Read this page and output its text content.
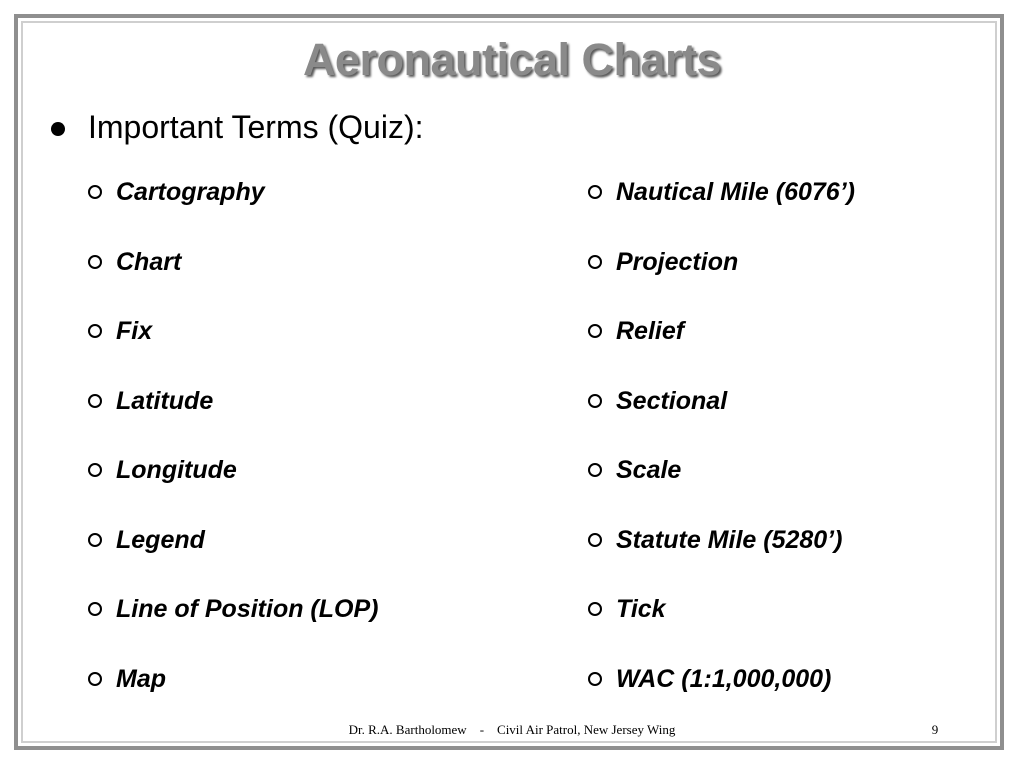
Aeronautical Charts
Important Terms (Quiz):
Cartography
Chart
Fix
Latitude
Longitude
Legend
Line of Position (LOP)
Map
Nautical Mile (6076’)
Projection
Relief
Sectional
Scale
Statute Mile (5280’)
Tick
WAC (1:1,000,000)
Dr. R.A. Bartholomew    -    Civil Air Patrol, New Jersey Wing	9
